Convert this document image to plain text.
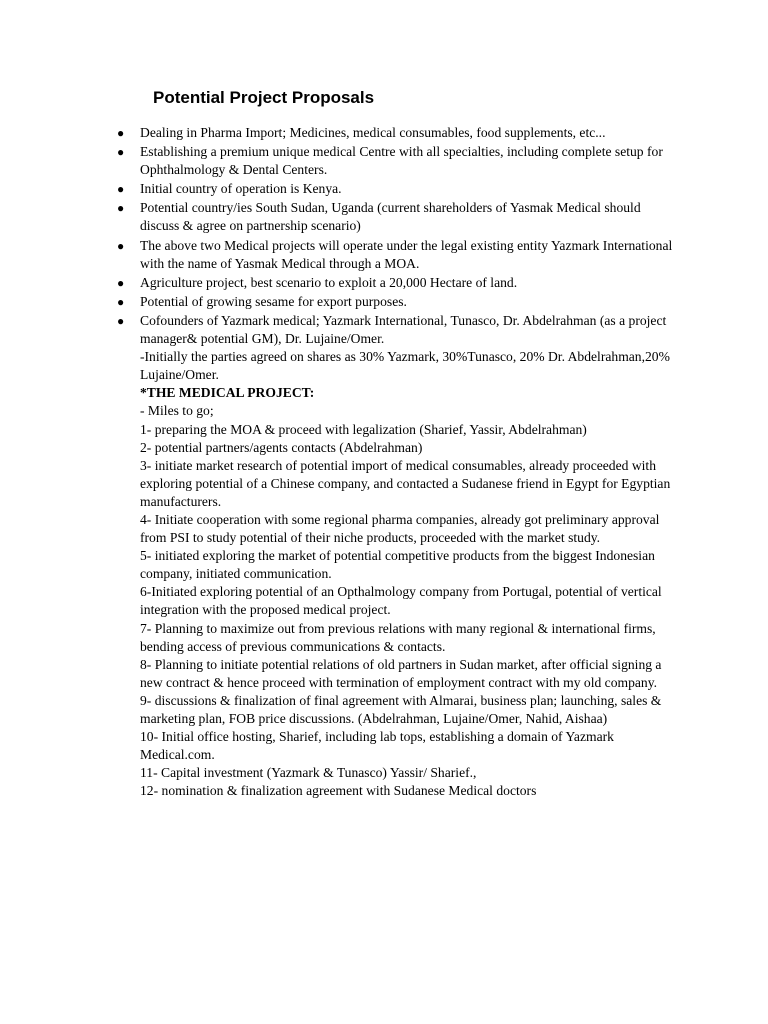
Potential Project Proposals
●	Dealing in Pharma Import; Medicines, medical consumables, food supplements, etc...
●	Establishing a premium unique medical Centre with all specialties, including complete setup for Ophthalmology & Dental Centers.
●	Initial country of operation is Kenya.
●	Potential country/ies South Sudan, Uganda (current shareholders of Yasmak Medical should discuss & agree on partnership scenario)
●	The above two Medical projects will operate under the legal existing entity Yazmark International with the name of Yasmak Medical through a MOA.
●	Agriculture project, best scenario to exploit a 20,000 Hectare of land.
●	Potential of growing sesame for export purposes.
●	Cofounders of Yazmark medical; Yazmark International, Tunasco, Dr. Abdelrahman (as a project manager& potential GM), Dr. Lujaine/Omer.
-Initially the parties agreed on shares as 30% Yazmark, 30%Tunasco, 20% Dr. Abdelrahman,20% Lujaine/Omer.
*THE MEDICAL PROJECT:
- Miles to go;
1- preparing the MOA & proceed with legalization (Sharief, Yassir, Abdelrahman)
2- potential partners/agents contacts (Abdelrahman)
3- initiate market research of potential import of medical consumables, already proceeded with exploring potential of a Chinese company, and contacted a Sudanese friend in Egypt for Egyptian manufacturers.
4- Initiate cooperation with some regional pharma companies, already got preliminary approval from PSI to study potential of their niche products, proceeded with the market study.
5- initiated exploring the market of potential competitive products from the biggest Indonesian company, initiated communication.
6-Initiated exploring potential of an Opthalmology company from Portugal, potential of vertical integration with the proposed medical project.
7- Planning to maximize out from previous relations with many regional & international firms, bending access of previous communications & contacts.
8- Planning to initiate potential relations of old partners in Sudan market, after official signing a new contract & hence proceed with termination of employment contract with my old company.
9- discussions & finalization of final agreement with Almarai, business plan; launching, sales & marketing plan, FOB price discussions. (Abdelrahman, Lujaine/Omer, Nahid, Aishaa)
10- Initial office hosting, Sharief, including lab tops, establishing a domain of Yazmark Medical.com.
11- Capital investment (Yazmark & Tunasco) Yassir/ Sharief.,
12- nomination & finalization agreement with Sudanese Medical doctors
